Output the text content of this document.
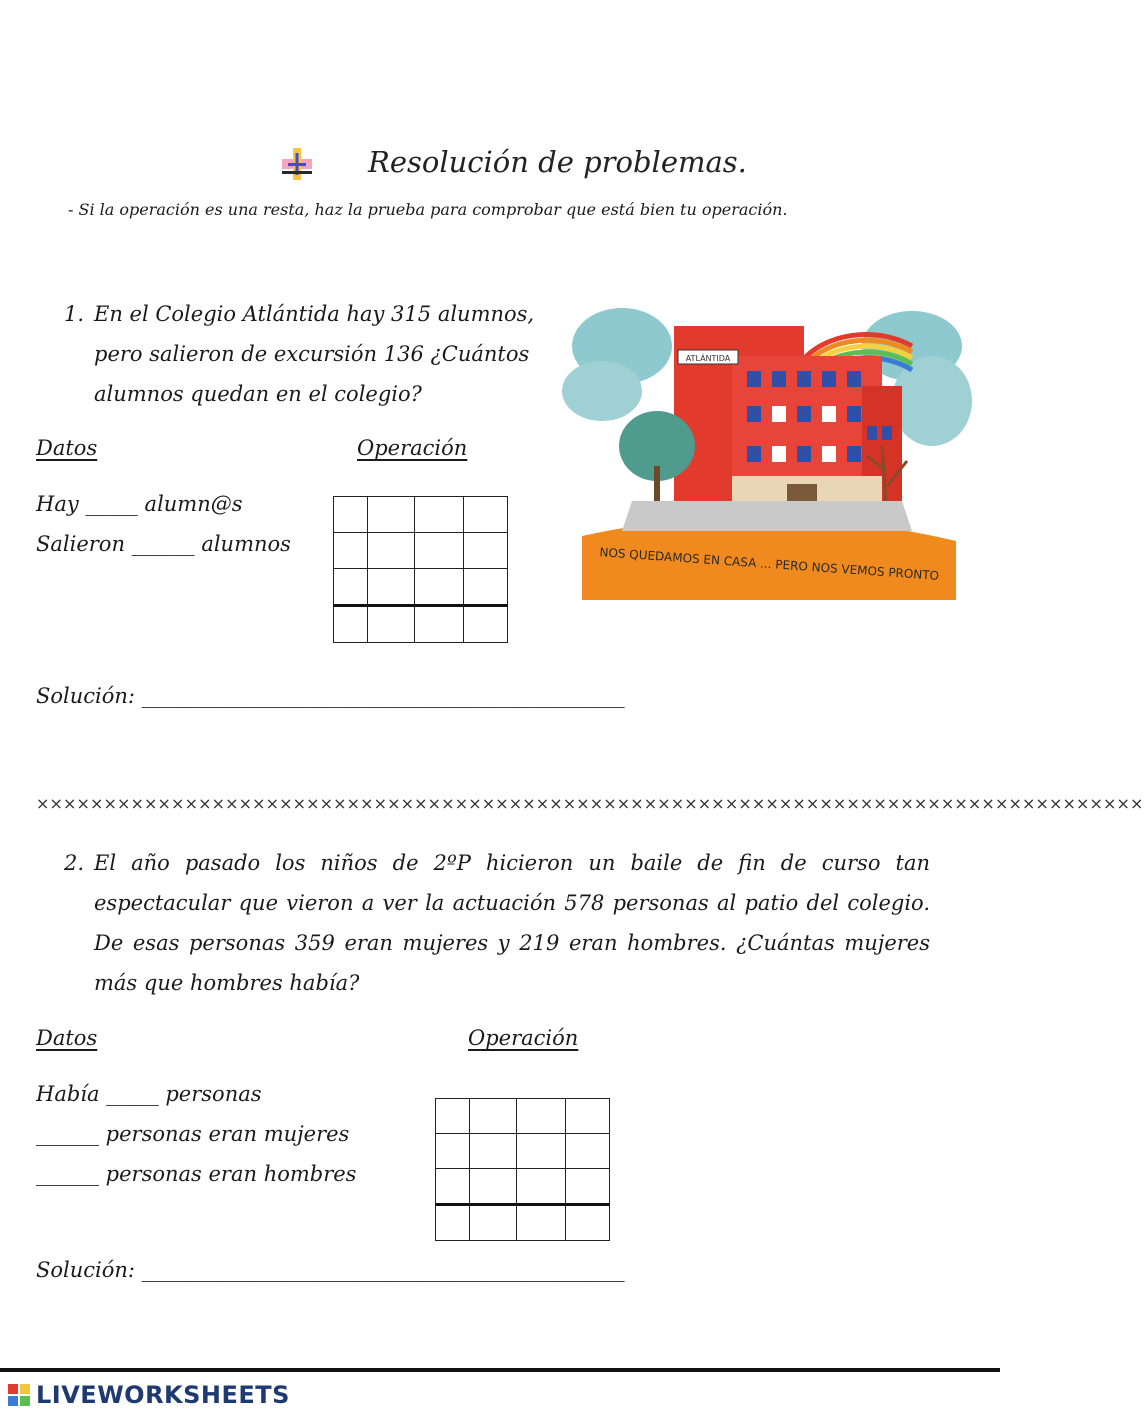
Resolución de problemas.
- Si la operación es una resta, haz la prueba para comprobar que está bien tu operación.
1. En el Colegio Atlántida hay 315 alumnos, pero salieron de excursión 136 ¿Cuántos alumnos quedan en el colegio?
ATLÁNTIDA
NOS QUEDAMOS EN CASA ... PERO NOS VEMOS PRONTO
Datos	Operación
Hay _____ alumn@s
Salieron ______ alumnos

Solución: ______________________________________________
××××××××××××××××××××××××××××××××××××××××××××××××××××××××××××××××××××××××××××××××××
2. El año pasado los niños de 2ºP hicieron un baile de fin de curso tan espectacular que vieron a ver la actuación 578 personas al patio del colegio. De esas personas 359 eran mujeres y 219 eran hombres. ¿Cuántas mujeres más que hombres había?
Datos	Operación
Había _____ personas
______ personas eran mujeres
______ personas eran hombres

Solución: ______________________________________________
LIVEWORKSHEETS
